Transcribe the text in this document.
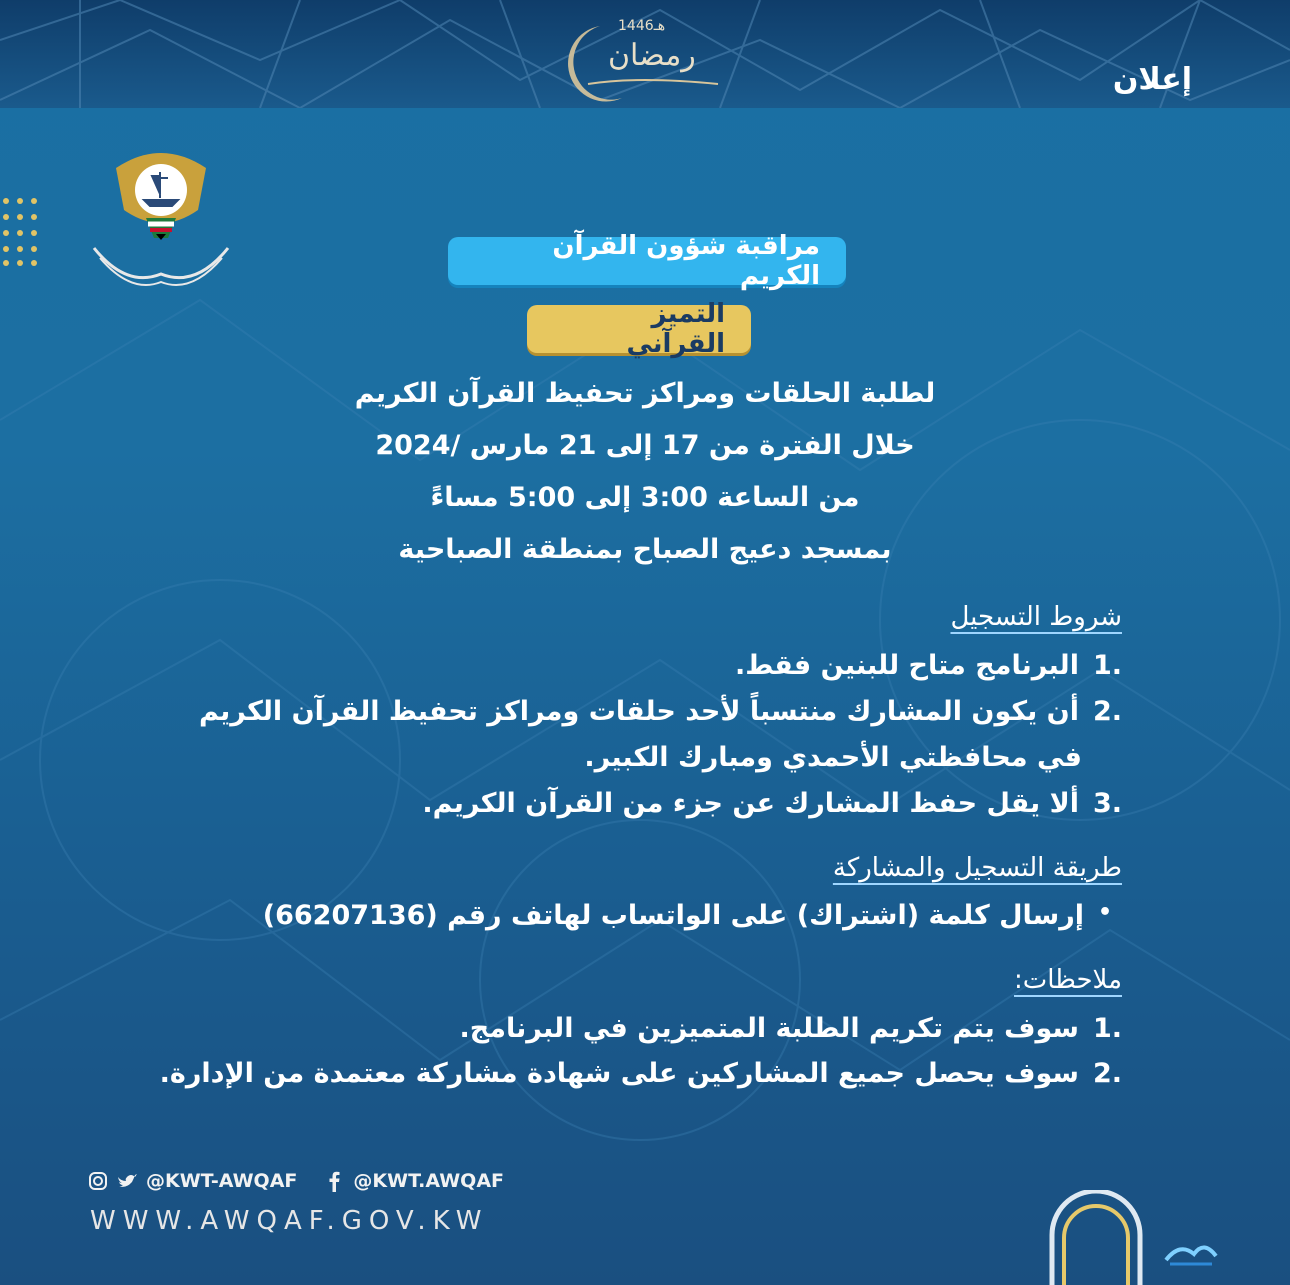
1446هـ
رمضان
إعلان
مراقبة شؤون القرآن الكريم
التميز القرآني
لطلبة الحلقات ومراكز تحفيظ القرآن الكريم
خلال الفترة من 17 إلى 21 مارس /2024
من الساعة 3:00 إلى 5:00 مساءً
بمسجد دعيج الصباح بمنطقة الصباحية
شروط التسجيل
1.
البرنامج متاح للبنين فقط.
2.
أن يكون المشارك منتسباً لأحد حلقات ومراكز تحفيظ القرآن الكريم
في محافظتي الأحمدي ومبارك الكبير.
3.
ألا يقل حفظ المشارك عن جزء من القرآن الكريم.
طريقة التسجيل والمشاركة
•
إرسال كلمة (اشتراك) على الواتساب لهاتف رقم (66207136)
ملاحظات:
1.
سوف يتم تكريم الطلبة المتميزين في البرنامج.
2.
سوف يحصل جميع المشاركين على شهادة مشاركة معتمدة من الإدارة.
@KWT-AWQAF	@KWT.AWQAF
WWW.AWQAF.GOV.KW
